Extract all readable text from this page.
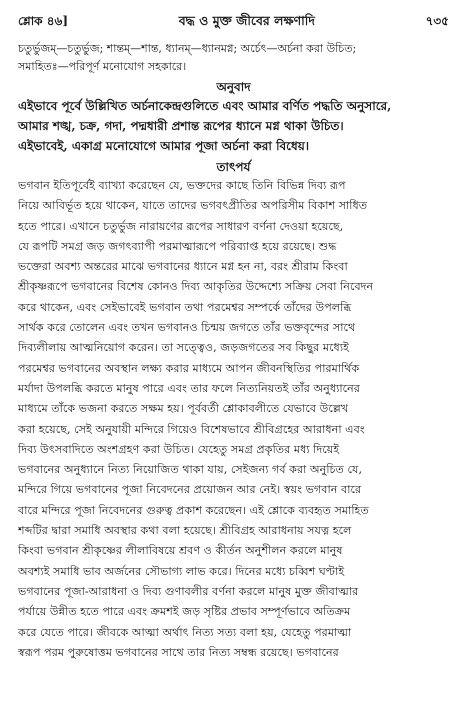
শ্লোক ৪৬]	বদ্ধ ও মুক্ত জীবের লক্ষণাদি	৭৩৫

চতুর্ভুজম্—চতুর্ভুজ; শান্তম্—শান্ত, ধ্যানম্—ধ্যানমগ্ন; অর্চেৎ—অর্চনা করা উচিত;

সমাহিতঃ—পরিপূর্ণ মনোযোগ সহকারে।

অনুবাদ

এইভাবে পূর্বে উল্লিখিত অর্চনাকেন্দ্রগুলিতে এবং আমার বর্ণিত পদ্ধতি অনুসারে,

আমার শঙ্খ, চক্র, গদা, পদ্মধারী প্রশান্ত রূপের ধ্যানে মগ্ন থাকা উচিত।

এইভাবেই, একাগ্র মনোযোগে আমার পূজা অর্চনা করা বিধেয়।

তাৎপর্য

ভগবান ইতিপূর্বেই ব্যাখ্যা করেছেন যে, ভক্তদের কাছে তিনি বিভিন্ন দিব্য রূপ

নিয়ে আবির্ভূত হয়ে থাকেন, যাতে তাদের ভগবৎপ্রীতির অপরিসীম বিকাশ সাধিত

হতে পারে। এখানে চতুর্ভুজ নারায়ণের রূপের সাধারণ বর্ণনা দেওয়া হয়েছে,

যে রূপটি সমগ্র জড় জগৎব্যাপী পরমাত্মারূপে পরিব্যাপ্ত হয়ে রয়েছে। শুদ্ধ

ভক্তেরা অবশ্য অন্তরের মাঝে ভগবানের ধ্যানে মগ্ন হন না, বরং শ্রীরাম কিংবা

শ্রীকৃষ্ণরূপে ভগবানের বিশেষ কোনও দিব্য আকৃতির উদ্দেশ্যে সক্রিয় সেবা নিবেদন

করে থাকেন, এবং সেইভাবেই ভগবান তথা পরমেশ্বর সম্পর্কে তাঁদের উপলব্ধি

সার্থক করে তোলেন এবং তখন ভগবানও চিন্ময় জগতে তাঁর ভক্তবৃন্দের সাথে

দিব্যলীলায় আত্মনিয়োগ করেন। তা সত্ত্বেও, জড়জগতের সব কিছুর মধ্যেই

পরমেশ্বর ভগবানের অবস্থান লক্ষ্য করার মাধ্যমে আপন জীবনস্থিতির পারমার্থিক

মর্যাদা উপলব্ধি করতে মানুষ পারে এবং তার ফলে নিত্যনিয়তই তাঁর অনুধ্যানের

মাধ্যমে তাঁকে ভজনা করতে সক্ষম হয়। পূর্ববর্তী শ্লোকাবলীতে যেভাবে উল্লেখ

করা হয়েছে, সেই অনুযায়ী মন্দিরে গিয়েও বিশেষভাবে শ্রীবিগ্রহের আরাধনা এবং

দিব্য উৎসবাদিতে অংশগ্রহণ করা উচিত। যেহেতু সমগ্র প্রকৃতির মধ্য দিয়েই

ভগবানের অনুধ্যানে নিত্য নিয়োজিত থাকা যায়, সেইজন্য গর্ব করা অনুচিত যে,

মন্দিরে গিয়ে ভগবানের পূজা নিবেদনের প্রয়োজন আর নেই। স্বয়ং ভগবান বারে

বারে মন্দিরে পূজা নিবেদনের গুরুত্ব প্রকাশ করেছেন। এই শ্লোকে ব্যবহৃত সমাহিত

শব্দটির দ্বারা সমাধি অবস্থার কথা বলা হয়েছে। শ্রীবিগ্রহ আরাধনায় সযত্ন হলে

কিংবা ভগবান শ্রীকৃষ্ণের লীলাবিষয়ে শ্রবণ ও কীর্তন অনুশীলন করলে মানুষ

অবশ্যই সমাধি ভাব অর্জনের সৌভাগ্য লাভ করে। দিনের মধ্যে চব্বিশ ঘণ্টাই

ভগবানের পূজা-আরাধনা ও দিব্য গুণাবলীর বর্ণনা করলে মানুষ মুক্ত জীবাত্মার

পর্যায়ে উন্নীত হতে পারে এবং ক্রমশই জড় সৃষ্টির প্রভাব সম্পূর্ণভাবে অতিক্রম

করে যেতে পারে। জীবকে আত্মা অর্থাৎ নিত্য সত্য বলা হয়, যেহেতু পরমাত্মা

স্বরূপ পরম পুরুষোত্তম ভগবানের সাথে তার নিত্য সম্বন্ধ রয়েছে। ভগবানের
